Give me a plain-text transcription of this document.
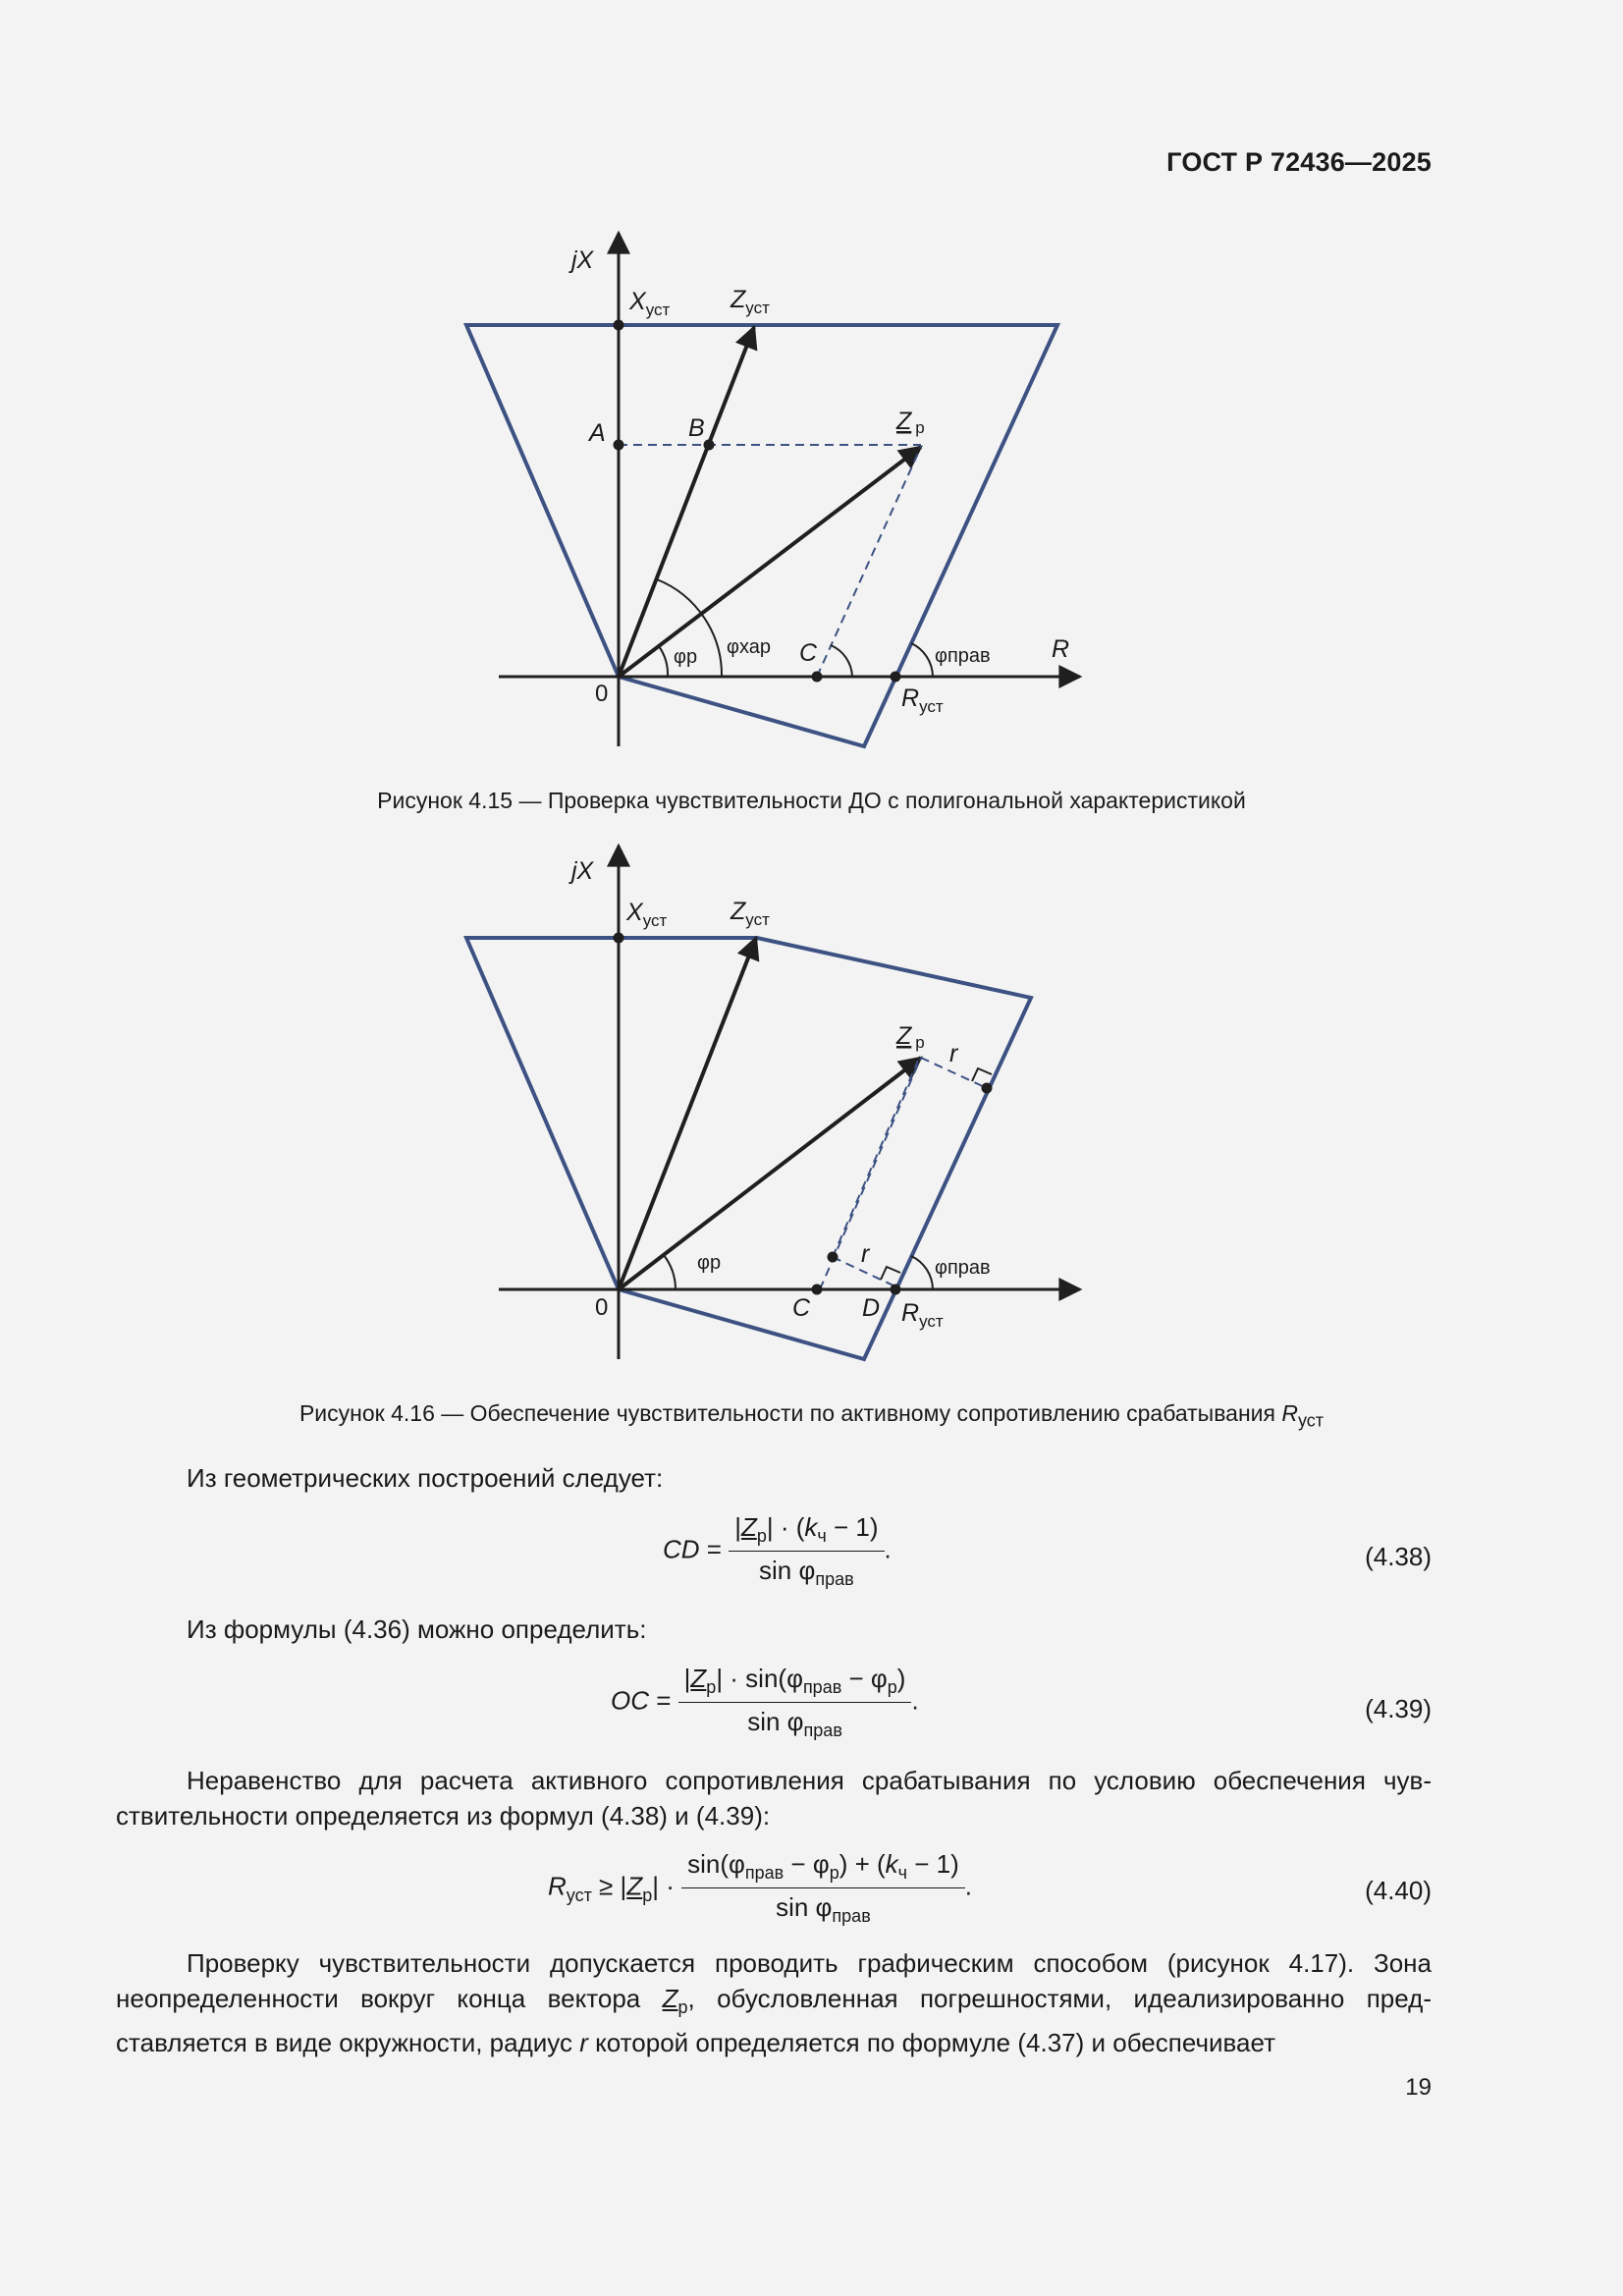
ГОСТ Р 72436—2025
jX
$X_{уст}$ $Z_{уст}$
A	B	Z р
φр φхар C	φправ R
0	$R_{уст}$
Рисунок 4.15 — Проверка чувствительности ДО с полигональной характеристикой
jX
$X_{уст}$	$Z_{уст}$
Z р r
r
φр	φправ
0	C D $R_{уст}$
Рисунок 4.16 — Обеспечение чувствительности по активному сопротивлению срабатывания $R_{уст}$
Из геометрических построений следует:
CD = $\frac{|Z_р| \cdot (k_ч - 1)}{\sin \varphi_{прав}}$ .	(4.38)
Из формулы (4.36) можно определить:
OC = $\frac{|Z_р| \cdot \sin(\varphi_{прав} - \varphi_р)}{\sin \varphi_{прав}}$ .	(4.39)
Неравенство для расчета активного сопротивления срабатывания по условию обеспечения чувствительности определяется из формул (4.38) и (4.39):
$R_{уст} \ge |Z_р| \cdot \frac{\sin(\varphi_{прав} - \varphi_р) + (k_ч - 1)}{\sin \varphi_{прав}}$ .	(4.40)
Проверку чувствительности допускается проводить графическим способом (рисунок 4.17). Зона неопределенности вокруг конца вектора $Z_р$, обусловленная погрешностями, идеализированно представляется в виде окружности, радиус r которой определяется по формуле (4.37) и обеспечивает
19
